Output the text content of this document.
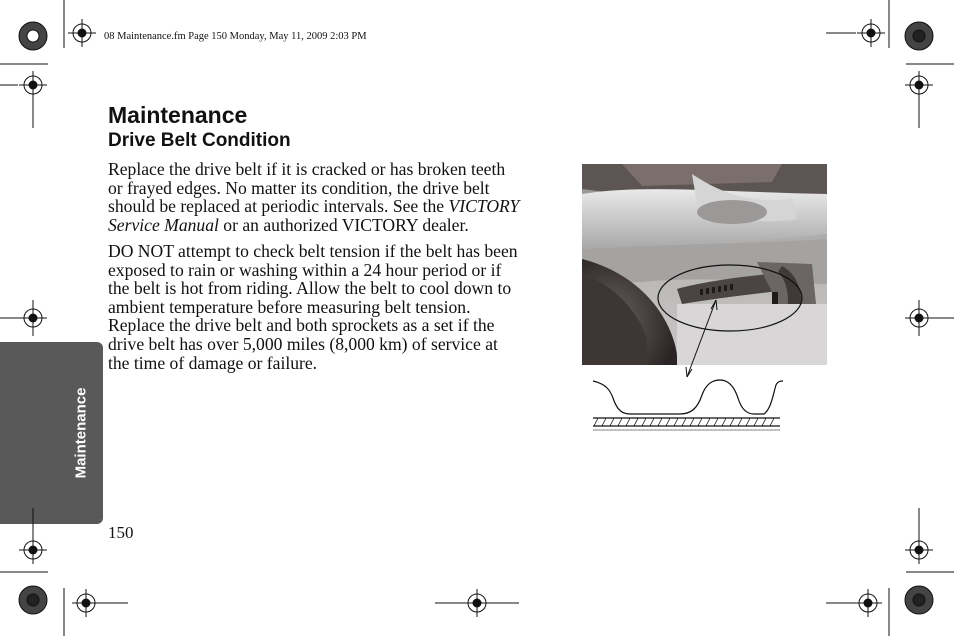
08 Maintenance.fm Page 150 Monday, May 11, 2009 2:03 PM
Maintenance
Drive Belt Condition

Replace the drive belt if it is cracked or has broken teeth
or frayed edges. No matter its condition, the drive belt
should be replaced at periodic intervals. See the VICTORY
Service Manual or an authorized VICTORY dealer.

DO NOT attempt to check belt tension if the belt has been
exposed to rain or washing within a 24 hour period or if
the belt is hot from riding. Allow the belt to cool down to
ambient temperature before measuring belt tension.
Replace the drive belt and both sprockets as a set if the
drive belt has over 5,000 miles (8,000 km) of service at
the time of damage or failure.

Maintenance
150
